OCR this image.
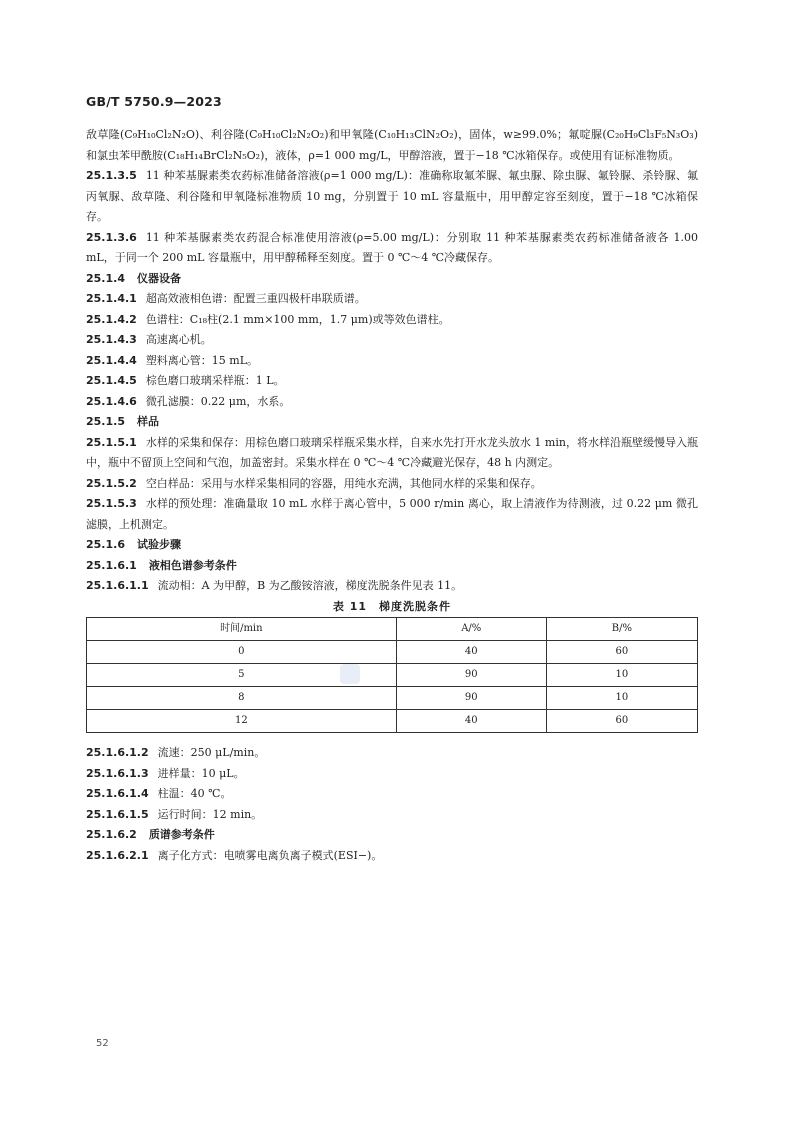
GB/T 5750.9—2023

敌草隆(C₉H₁₀Cl₂N₂O)、利谷隆(C₉H₁₀Cl₂N₂O₂)和甲氧隆(C₁₀H₁₃ClN₂O₂)，固体，w≥99.0%；氟啶脲(C₂₀H₉Cl₃F₅N₃O₃)和氯虫苯甲酰胺(C₁₈H₁₄BrCl₂N₅O₂)，液体，ρ=1 000 mg/L，甲醇溶液，置于−18 ℃冰箱保存。或使用有证标准物质。

25.1.3.5 11 种苯基脲素类农药标准储备溶液(ρ=1 000 mg/L)：准确称取氟苯脲、氟虫脲、除虫脲、氟铃脲、杀铃脲、氟丙氧脲、敌草隆、利谷隆和甲氧隆标准物质 10 mg，分别置于 10 mL 容量瓶中，用甲醇定容至刻度，置于−18 ℃冰箱保存。

25.1.3.6 11 种苯基脲素类农药混合标准使用溶液(ρ=5.00 mg/L)：分别取 11 种苯基脲素类农药标准储备液各 1.00 mL，于同一个 200 mL 容量瓶中，用甲醇稀释至刻度。置于 0 ℃～4 ℃冷藏保存。

25.1.4 仪器设备

25.1.4.1 超高效液相色谱：配置三重四极杆串联质谱。

25.1.4.2 色谱柱：C₁₈柱(2.1 mm×100 mm，1.7 μm)或等效色谱柱。

25.1.4.3 高速离心机。

25.1.4.4 塑料离心管：15 mL。

25.1.4.5 棕色磨口玻璃采样瓶：1 L。

25.1.4.6 微孔滤膜：0.22 μm，水系。

25.1.5 样品

25.1.5.1 水样的采集和保存：用棕色磨口玻璃采样瓶采集水样，自来水先打开水龙头放水 1 min，将水样沿瓶壁缓慢导入瓶中，瓶中不留顶上空间和气泡，加盖密封。采集水样在 0 ℃～4 ℃冷藏避光保存，48 h 内测定。

25.1.5.2 空白样品：采用与水样采集相同的容器，用纯水充满，其他同水样的采集和保存。

25.1.5.3 水样的预处理：准确量取 10 mL 水样于离心管中，5 000 r/min 离心，取上清液作为待测液，过 0.22 μm 微孔滤膜，上机测定。

25.1.6 试验步骤

25.1.6.1 液相色谱参考条件

25.1.6.1.1 流动相：A 为甲醇，B 为乙酸铵溶液，梯度洗脱条件见表 11。

表 11　梯度洗脱条件

时间/min	A/%	B/%
0	40	60
5	90	10
8	90	10
12	40	60

25.1.6.1.2 流速：250 μL/min。

25.1.6.1.3 进样量：10 μL。

25.1.6.1.4 柱温：40 ℃。

25.1.6.1.5 运行时间：12 min。

25.1.6.2 质谱参考条件

25.1.6.2.1 离子化方式：电喷雾电离负离子模式(ESI−)。

52
